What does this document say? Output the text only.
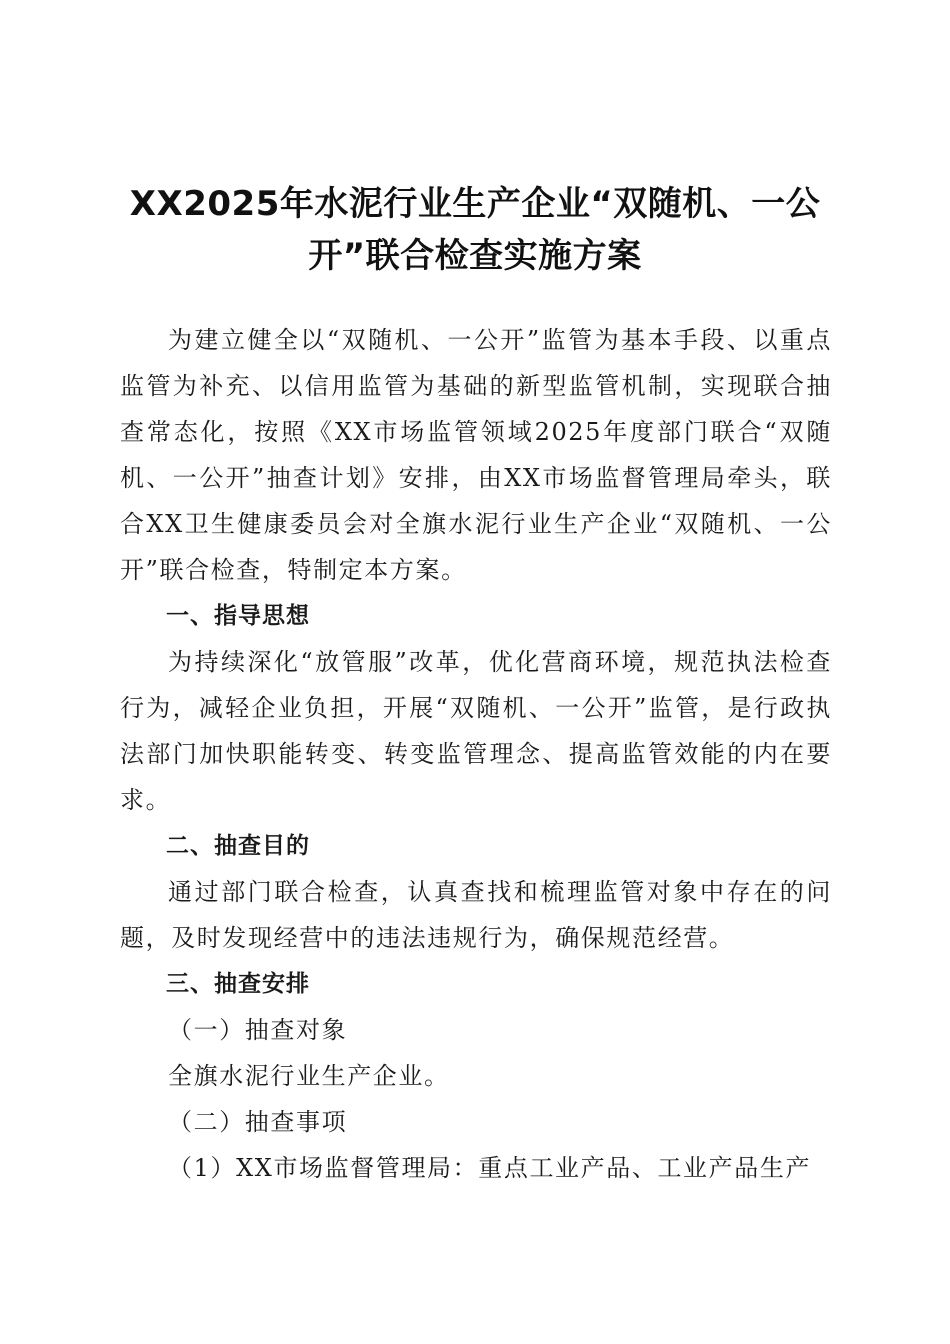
XX2025年水泥行业生产企业“双随机、一公
开”联合检查实施方案

为建立健全以“双随机、一公开”监管为基本手段、以重点监管为补充、以信用监管为基础的新型监管机制，实现联合抽查常态化，按照《XX市场监管领域2025年度部门联合“双随机、一公开”抽查计划》安排，由XX市场监督管理局牵头，联合XX卫生健康委员会对全旗水泥行业生产企业“双随机、一公开”联合检查，特制定本方案。

一、指导思想

为持续深化“放管服”改革，优化营商环境，规范执法检查行为，减轻企业负担，开展“双随机、一公开”监管，是行政执法部门加快职能转变、转变监管理念、提高监管效能的内在要求。

二、抽查目的

通过部门联合检查，认真查找和梳理监管对象中存在的问题，及时发现经营中的违法违规行为，确保规范经营。

三、抽查安排

（一）抽查对象

全旗水泥行业生产企业。

（二）抽查事项

（1）XX市场监督管理局：重点工业产品、工业产品生产
